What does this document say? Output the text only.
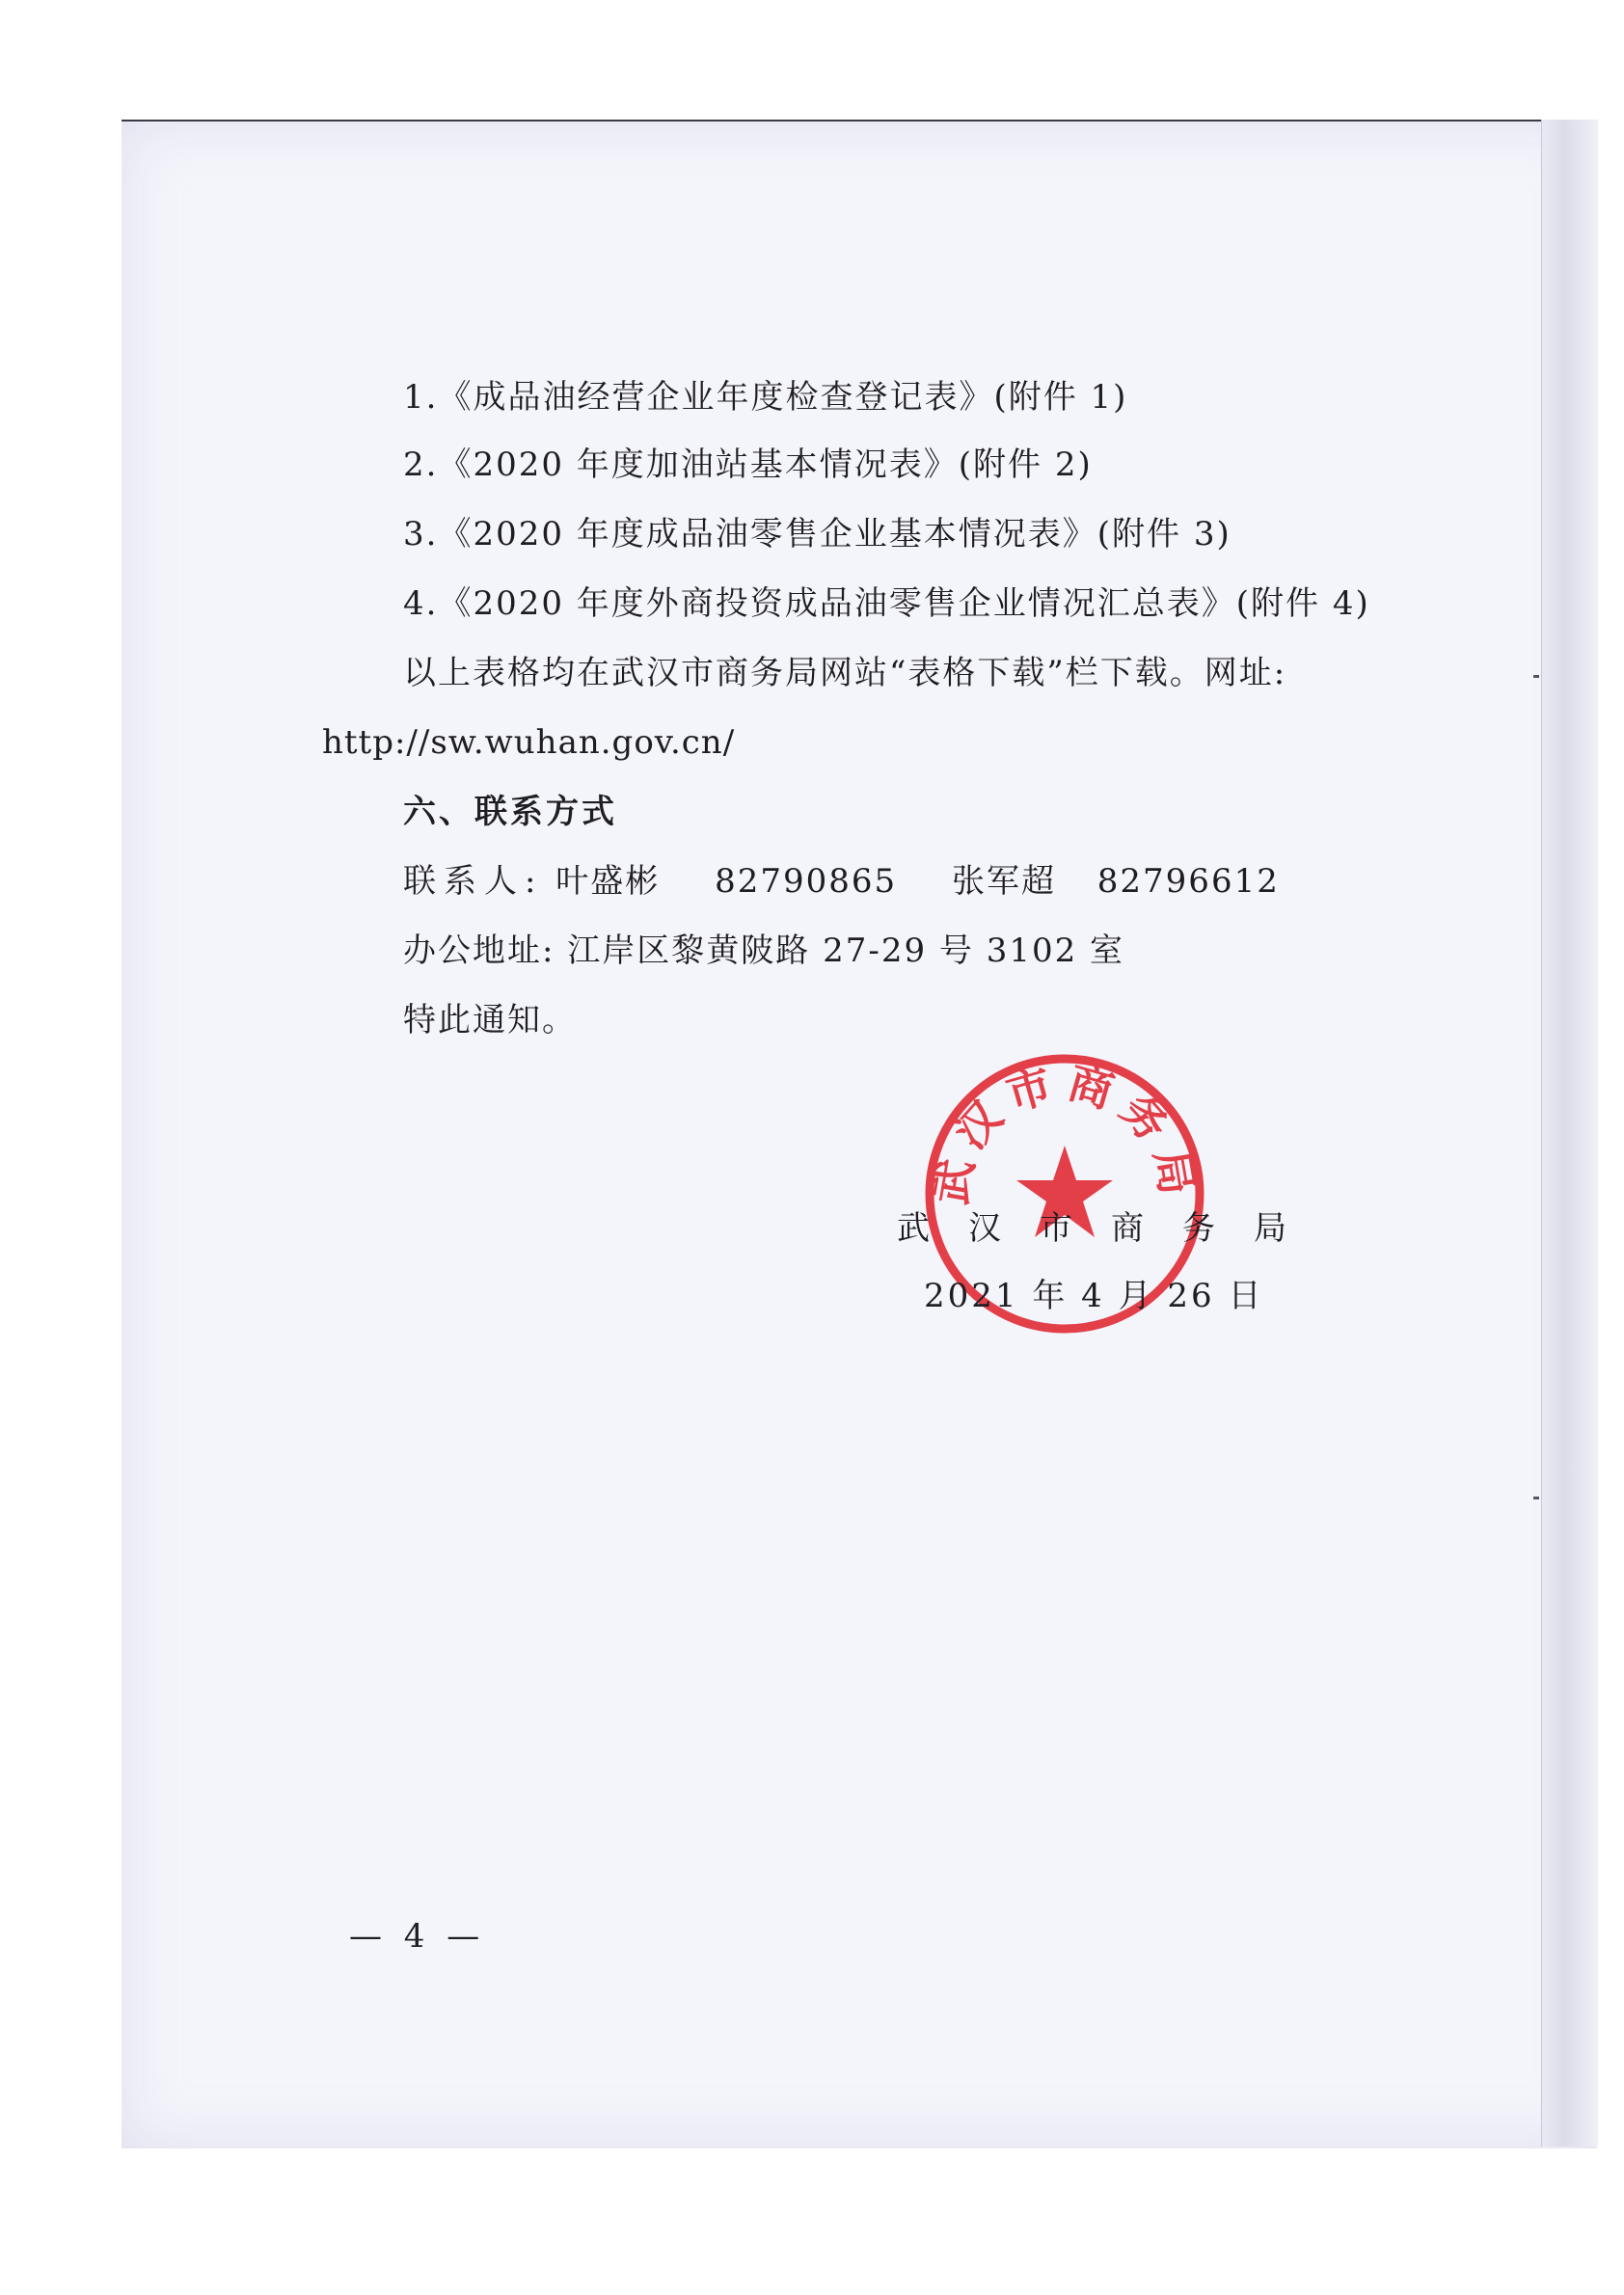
1.《成品油经营企业年度检查登记表》(附件 1)
2.《2020 年度加油站基本情况表》(附件 2)
3.《2020 年度成品油零售企业基本情况表》(附件 3)
4.《2020 年度外商投资成品油零售企业情况汇总表》(附件 4)
以上表格均在武汉市商务局网站“表格下载”栏下载。网址:
http://sw.wuhan.gov.cn/
六、联系方式
联系人: 叶盛彬 82790865 张军超 82796612
办公地址: 江岸区黎黄陂路 27-29 号 3102 室
特此通知。
武汉市商务局
武汉市商务局
2021 年 4 月 26 日
— 4 —
